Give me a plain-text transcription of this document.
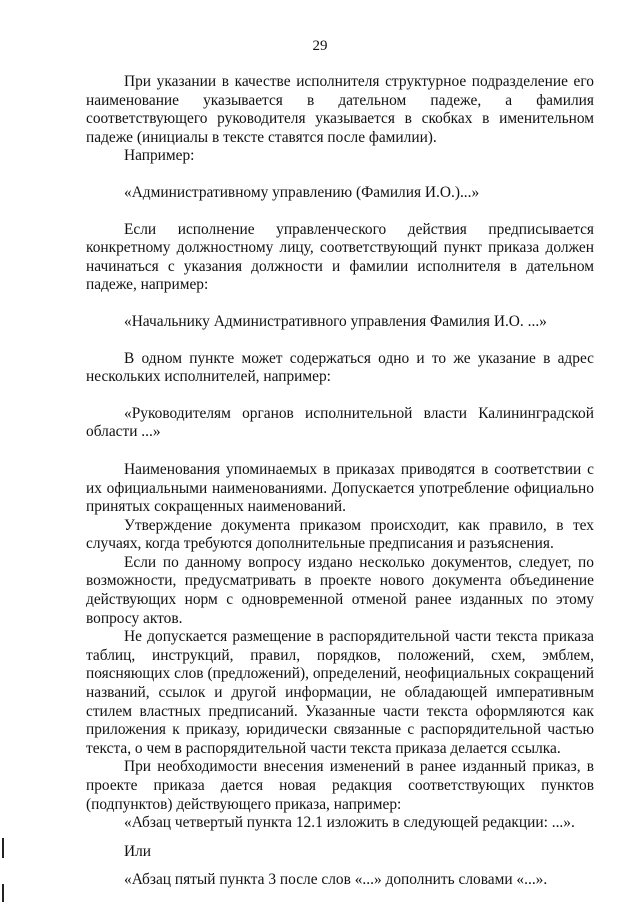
29

При указании в качестве исполнителя структурное подразделение его наименование указывается в дательном падеже, а фамилия соответствующего руководителя указывается в скобках в именительном падеже (инициалы в тексте ставятся после фамилии).

Например:

«Административному управлению (Фамилия И.О.)...»

Если исполнение управленческого действия предписывается конкретному должностному лицу, соответствующий пункт приказа должен начинаться с указания должности и фамилии исполнителя в дательном падеже, например:

«Начальнику Административного управления Фамилия И.О. ...»

В одном пункте может содержаться одно и то же указание в адрес нескольких исполнителей, например:

«Руководителям органов исполнительной власти Калининградской области ...»

Наименования упоминаемых в приказах приводятся в соответствии с их официальными наименованиями. Допускается употребление официально принятых сокращенных наименований.

Утверждение документа приказом происходит, как правило, в тех случаях, когда требуются дополнительные предписания и разъяснения.

Если по данному вопросу издано несколько документов, следует, по возможности, предусматривать в проекте нового документа объединение действующих норм с одновременной отменой ранее изданных по этому вопросу актов.

Не допускается размещение в распорядительной части текста приказа таблиц, инструкций, правил, порядков, положений, схем, эмблем, поясняющих слов (предложений), определений, неофициальных сокращений названий, ссылок и другой информации, не обладающей императивным стилем властных предписаний. Указанные части текста оформляются как приложения к приказу, юридически связанные с распорядительной частью текста, о чем в распорядительной части текста приказа делается ссылка.

При необходимости внесения изменений в ранее изданный приказ, в проекте приказа дается новая редакция соответствующих пунктов (подпунктов) действующего приказа, например:

«Абзац четвертый пункта 12.1 изложить в следующей редакции: ...».

Или

«Абзац пятый пункта 3 после слов «...» дополнить словами «...».
